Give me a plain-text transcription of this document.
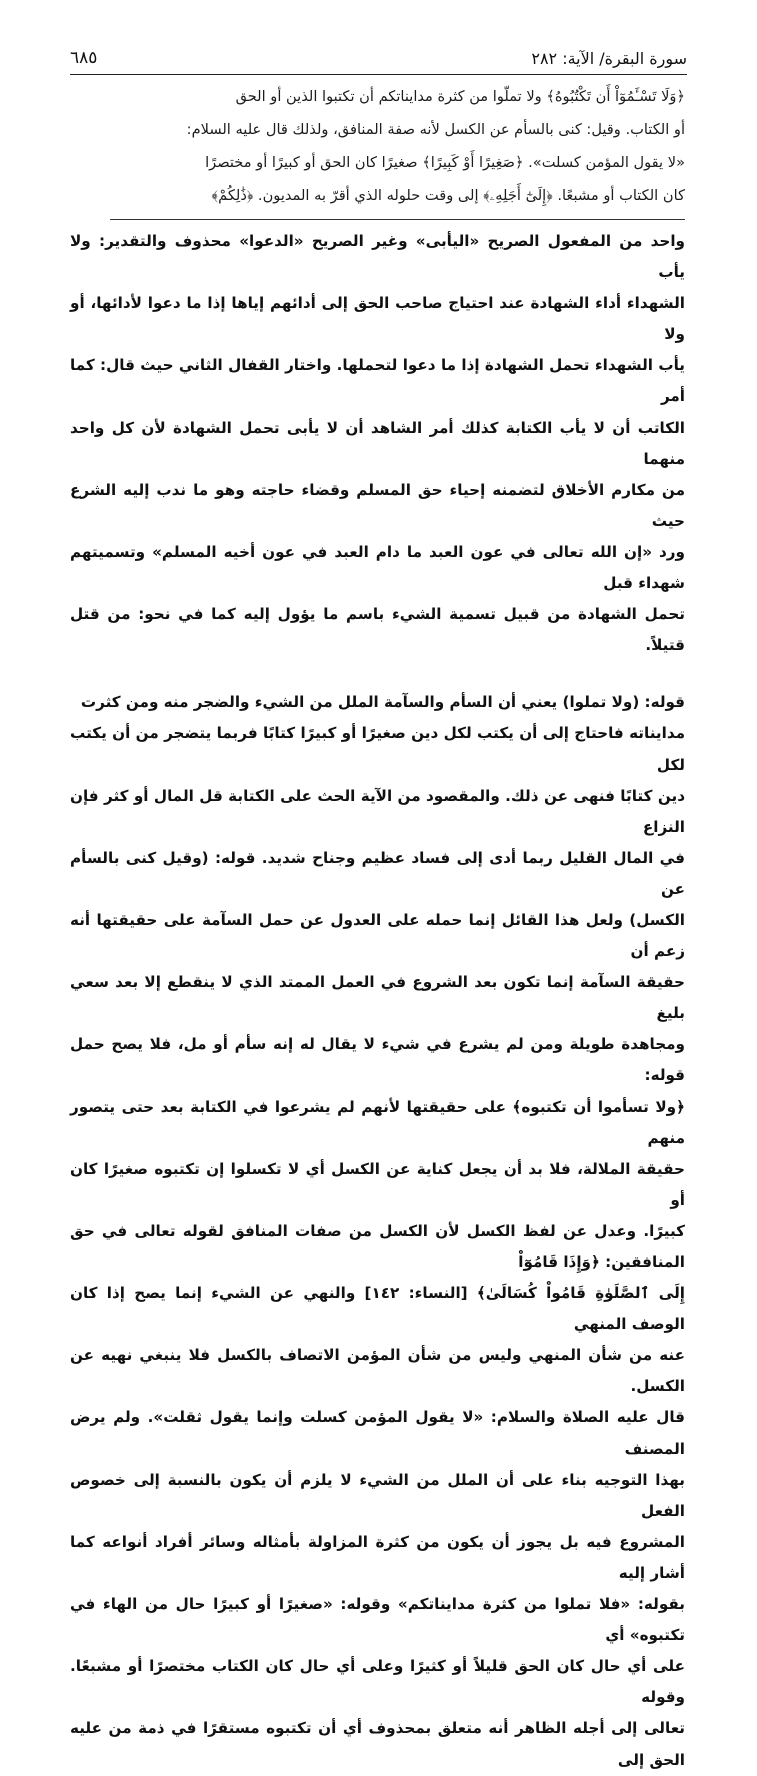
سورة البقرة/ الآية: ٢٨٢
٦٨٥

﴿وَلَا تَسْـَٔمُوٓاْ أَن تَكْتُبُوهُ﴾ ولا تملّوا من كثرة مداينات‍كم أن تكتبوا الذين أو الحق

أو الكتاب. وقيل: كنى بالسأم عن الكسل لأنه صفة المنافق، ولذلك قال عليه السلام:

«لا يقول المؤمن كسلت». ﴿صَغِيرًا أَوْ كَبِيرًا﴾ صغيرًا كان الحق أو كبيرًا أو مختصرًا

كان الكتاب أو مشبعًا. ﴿إِلَىٰٓ أَجَلِهِۦ﴾ إلى وقت حلوله الذي أقرّ به المديون. ﴿ذَٰلِكُمْ﴾

واحد من المفعول الصريح «اليأبى» وغير الصريح «الدعوا» محذوف والتقدير: ولا يأب

الشهداء أداء الشهادة عند احتياج صاحب الحق إلى أدائهم إياها إذا ما دعوا لأدائها، أو ولا

يأب الشهداء تحمل الشهادة إذا ما دعوا لتحملها. واختار القفال الثاني حيث قال: كما أمر

الكاتب أن لا يأب الكتابة كذلك أمر الشاهد أن لا يأبى تحمل الشهادة لأن كل واحد منهما

من مكارم الأخلاق لتضمنه إحياء حق المسلم وقضاء حاجته وهو ما ندب إليه الشرع حيث

ورد «إن الله تعالى في عون العبد ما دام العبد في عون أخيه المسلم» وتسميتهم شهداء قبل

تحمل الشهادة من قبيل تسمية الشيء باسم ما يؤول إليه كما في نحو: من قتل قتيلاً.

قوله: (ولا تملوا) يعني أن السأم والسآمة الملل من الشيء والضجر منه ومن كثرت

مدايناته فاحتاج إلى أن يكتب لكل دين صغيرًا أو كبيرًا كتابًا فربما يتضجر من أن يكتب لكل

دين كتابًا فنهى عن ذلك. والمقصود من الآية الحث على الكتابة قل المال أو كثر فإن النزاع

في المال القليل ربما أدى إلى فساد عظيم وجناح شديد. قوله: (وقيل كنى بالسأم عن

الكسل) ولعل هذا القائل إنما حمله على العدول عن حمل السآمة على حقيقتها أنه زعم أن

حقيقة السآمة إنما تكون بعد الشروع في العمل الممتد الذي لا ينقطع إلا بعد سعي بليغ

ومجاهدة طويلة ومن لم يشرع في شيء لا يقال له إنه سأم أو مل، فلا يصح حمل قوله:

﴿ولا تسأموا أن تكتبوه﴾ على حقيقتها لأنهم لم يشرعوا في الكتابة بعد حتى يتصور منهم

حقيقة الملالة، فلا بد أن يجعل كناية عن الكسل أي لا تكسلوا إن تكتبوه صغيرًا كان أو

كبيرًا. وعدل عن لفظ الكسل لأن الكسل من صفات المنافق لقوله تعالى في حق المنافقين: ﴿وَإِذَا قَامُوٓاْ

إِلَى ٱلصَّلَوٰةِ قَامُواْ كُسَالَىٰ﴾ [النساء: ١٤٢] والنهي عن الشيء إنما يصح إذا كان الوصف المنهي

عنه من شأن المنهي وليس من شأن المؤمن الاتصاف بالكسل فلا ينبغي نهيه عن الكسل.

قال عليه الصلاة والسلام: «لا يقول المؤمن كسلت وإنما يقول ثقلت». ولم يرض المصنف

بهذا التوجيه بناء على أن الملل من الشيء لا يلزم أن يكون بالنسبة إلى خصوص الفعل

المشروع فيه بل يجوز أن يكون من كثرة المزاولة بأمثاله وسائر أفراد أنواعه كما أشار إليه

بقوله: «فلا تملوا من كثرة مداينات‍كم» وقوله: «صغيرًا أو كبيرًا حال من الهاء في تكتبوه» أي

على أي حال كان الحق قليلاً أو كثيرًا وعلى أي حال كان الكتاب مختصرًا أو مشبعًا. وقوله

تعالى إلى أجله الظاهر أنه متعلق بمحذوف أي أن تكتبوه مستقرًا في ذمة من عليه الحق إلى
